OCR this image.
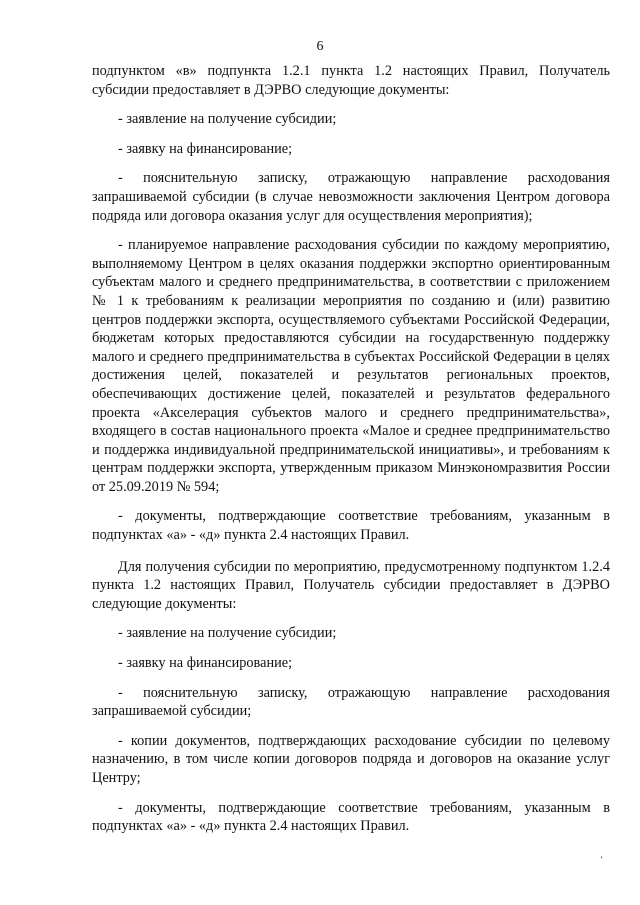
6

подпунктом «в» подпункта 1.2.1 пункта 1.2 настоящих Правил, Получатель субсидии предоставляет в ДЭРВО следующие документы:

- заявление на получение субсидии;

- заявку на финансирование;

- пояснительную записку, отражающую направление расходования запрашиваемой субсидии (в случае невозможности заключения Центром договора подряда или договора оказания услуг для осуществления мероприятия);

- планируемое направление расходования субсидии по каждому мероприятию, выполняемому Центром в целях оказания поддержки экспортно ориентированным субъектам малого и среднего предпринимательства, в соответствии с приложением № 1 к требованиям к реализации мероприятия по созданию и (или) развитию центров поддержки экспорта, осуществляемого субъектами Российской Федерации, бюджетам которых предоставляются субсидии на государственную поддержку малого и среднего предпринимательства в субъектах Российской Федерации в целях достижения целей, показателей и результатов региональных проектов, обеспечивающих достижение целей, показателей и результатов федерального проекта «Акселерация субъектов малого и среднего предпринимательства», входящего в состав национального проекта «Малое и среднее предпринимательство и поддержка индивидуальной предпринимательской инициативы», и требованиям к центрам поддержки экспорта, утвержденным приказом Минэкономразвития России от 25.09.2019 № 594;

- документы, подтверждающие соответствие требованиям, указанным в подпунктах «а» - «д» пункта 2.4 настоящих Правил.

Для получения субсидии по мероприятию, предусмотренному подпунктом 1.2.4 пункта 1.2 настоящих Правил, Получатель субсидии предоставляет в ДЭРВО следующие документы:

- заявление на получение субсидии;

- заявку на финансирование;

- пояснительную записку, отражающую направление расходования запрашиваемой субсидии;

- копии документов, подтверждающих расходование субсидии по целевому назначению, в том числе копии договоров подряда и договоров на оказание услуг Центру;

- документы, подтверждающие соответствие требованиям, указанным в подпунктах «а» - «д» пункта 2.4 настоящих Правил.

‘
